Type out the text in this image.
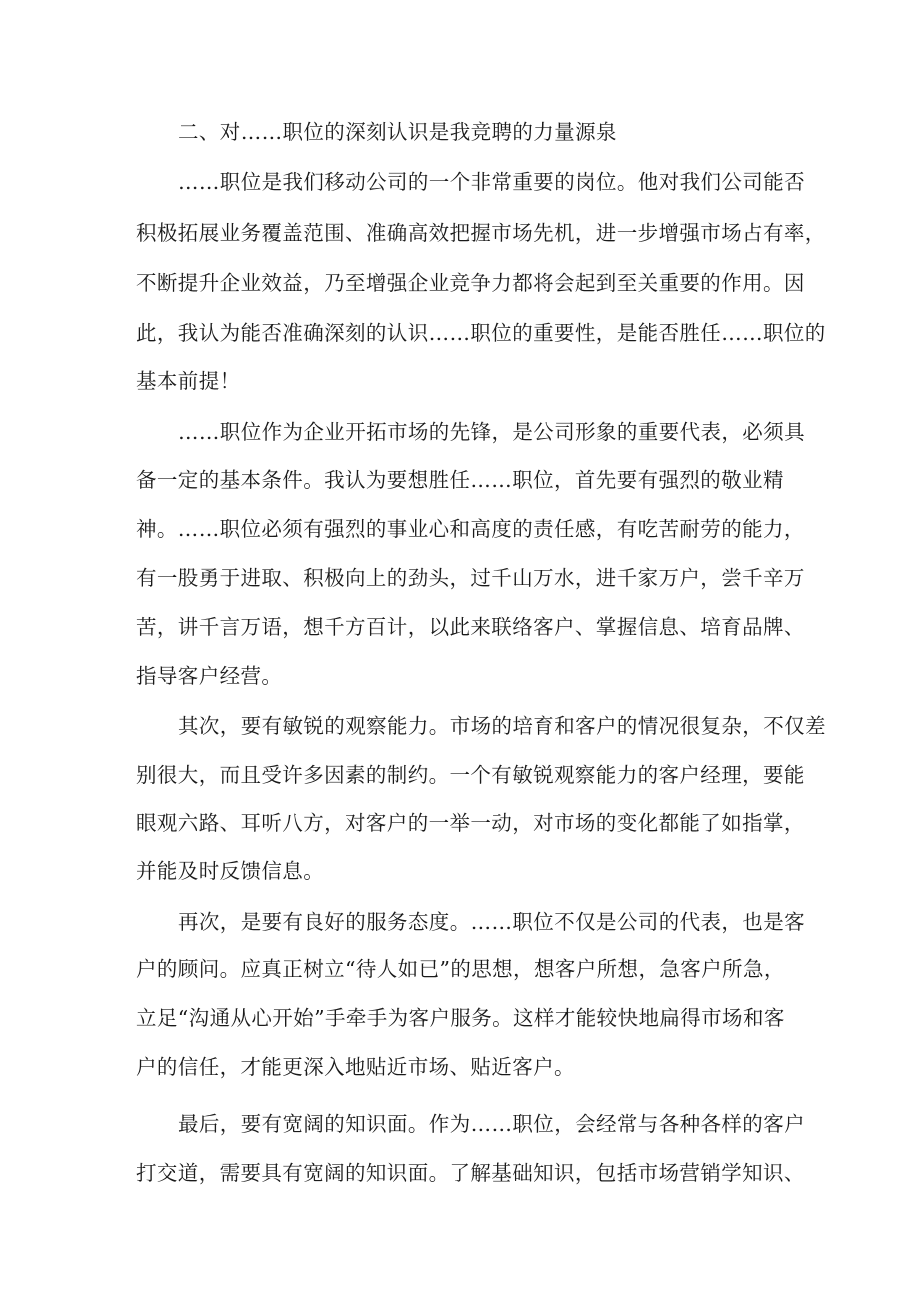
二、对……职位的深刻认识是我竞聘的力量源泉
……职位是我们移动公司的一个非常重要的岗位。他对我们公司能否
积极拓展业务覆盖范围、准确高效把握市场先机，进一步增强市场占有率，
不断提升企业效益，乃至增强企业竞争力都将会起到至关重要的作用。因
此，我认为能否准确深刻的认识……职位的重要性，是能否胜任……职位的
基本前提！
……职位作为企业开拓市场的先锋，是公司形象的重要代表，必须具
备一定的基本条件。我认为要想胜任……职位，首先要有强烈的敬业精
神。……职位必须有强烈的事业心和高度的责任感，有吃苦耐劳的能力，
有一股勇于进取、积极向上的劲头，过千山万水，进千家万户，尝千辛万
苦，讲千言万语，想千方百计，以此来联络客户、掌握信息、培育品牌、
指导客户经营。
其次，要有敏锐的观察能力。市场的培育和客户的情况很复杂，不仅差
别很大，而且受许多因素的制约。一个有敏锐观察能力的客户经理，要能
眼观六路、耳听八方，对客户的一举一动，对市场的变化都能了如指掌，
并能及时反馈信息。
再次，是要有良好的服务态度。……职位不仅是公司的代表，也是客
户的顾问。应真正树立“待人如已”的思想，想客户所想，急客户所急，
立足“沟通从心开始”手牵手为客户服务。这样才能较快地扁得市场和客
户的信任，才能更深入地贴近市场、贴近客户。
最后，要有宽阔的知识面。作为……职位，会经常与各种各样的客户
打交道，需要具有宽阔的知识面。了解基础知识，包括市场营销学知识、
